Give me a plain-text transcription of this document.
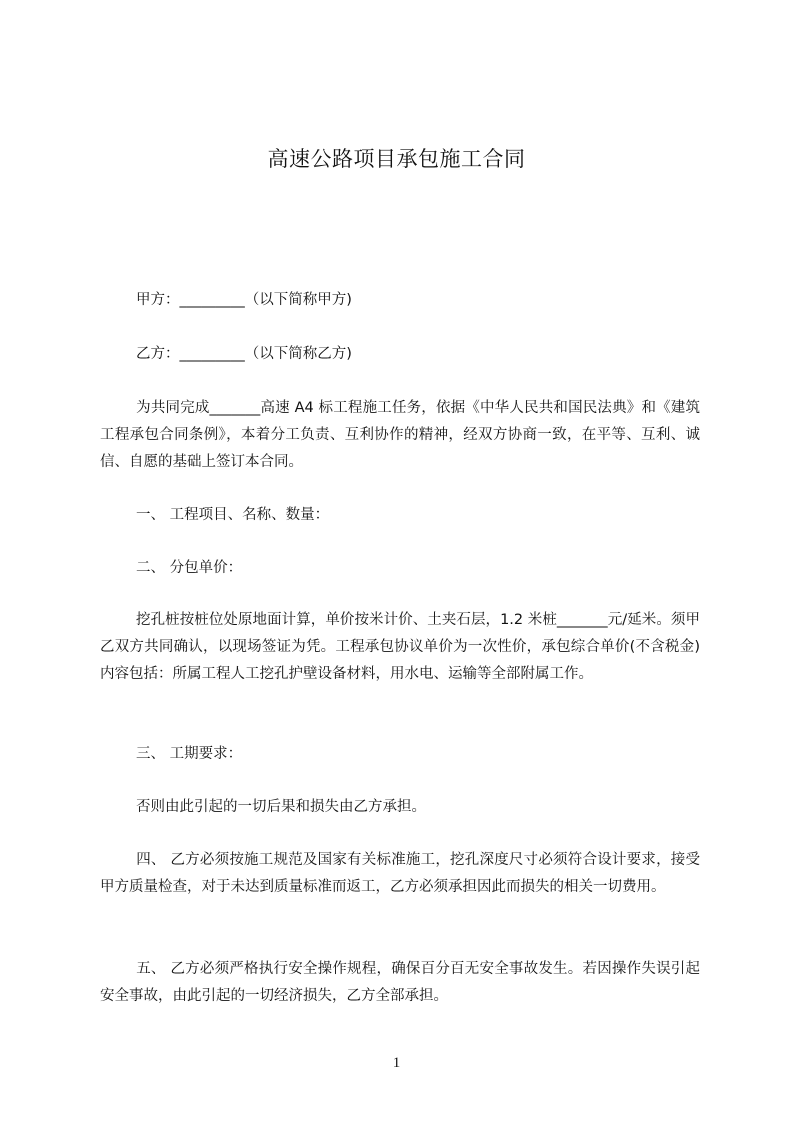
高速公路项目承包施工合同
甲方：_________（以下简称甲方)
乙方：_________（以下简称乙方)
为共同完成_______高速 A4 标工程施工任务，依据《中华人民共和国民法典》和《建筑工程承包合同条例》，本着分工负责、互利协作的精神，经双方协商一致，在平等、互利、诚信、自愿的基础上签订本合同。
一、 工程项目、名称、数量：
二、 分包单价：
挖孔桩按桩位处原地面计算，单价按米计价、土夹石层，1.2 米桩_______元/延米。须甲乙双方共同确认，以现场签证为凭。工程承包协议单价为一次性价，承包综合单价(不含税金)内容包括：所属工程人工挖孔护壁设备材料，用水电、运输等全部附属工作。
三、 工期要求：
否则由此引起的一切后果和损失由乙方承担。
四、 乙方必须按施工规范及国家有关标准施工，挖孔深度尺寸必须符合设计要求，接受甲方质量检查，对于未达到质量标准而返工，乙方必须承担因此而损失的相关一切费用。
五、 乙方必须严格执行安全操作规程，确保百分百无安全事故发生。若因操作失误引起安全事故，由此引起的一切经济损失，乙方全部承担。
1
